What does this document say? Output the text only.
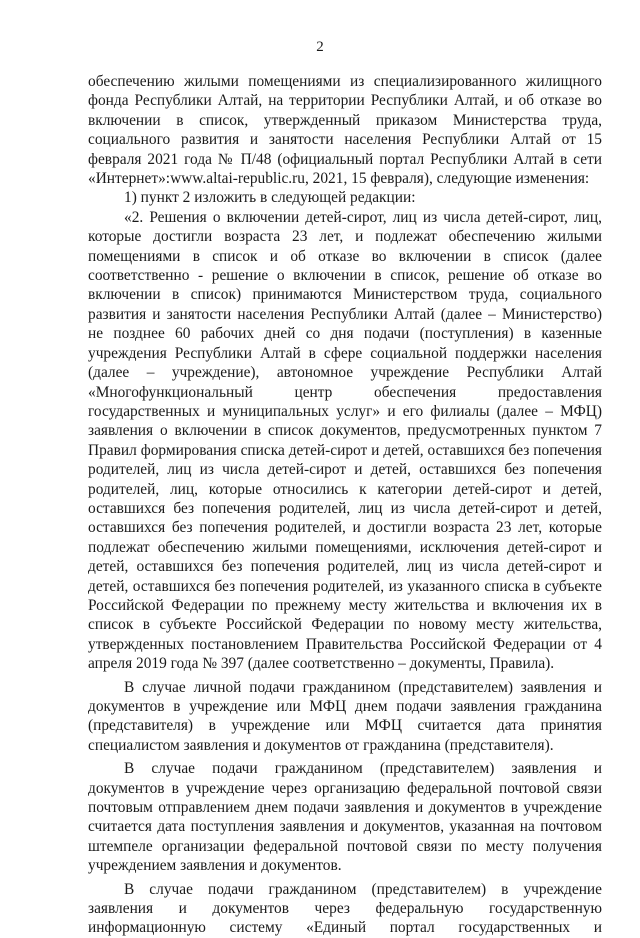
2

обеспечению жилыми помещениями из специализированного жилищного фонда Республики Алтай, на территории Республики Алтай, и об отказе во включении в список, утвержденный приказом Министерства труда, социального развития и занятости населения Республики Алтай от 15 февраля 2021 года № П/48 (официальный портал Республики Алтай в сети «Интернет»:www.altai-republic.ru, 2021, 15 февраля), следующие изменения:

1) пункт 2 изложить в следующей редакции:

«2. Решения о включении детей-сирот, лиц из числа детей-сирот, лиц, которые достигли возраста 23 лет, и подлежат обеспечению жилыми помещениями в список и об отказе во включении в список (далее соответственно - решение о включении в список, решение об отказе во включении в список) принимаются Министерством труда, социального развития и занятости населения Республики Алтай (далее – Министерство) не позднее 60 рабочих дней со дня подачи (поступления) в казенные учреждения Республики Алтай в сфере социальной поддержки населения (далее – учреждение), автономное учреждение Республики Алтай «Многофункциональный центр обеспечения предоставления государственных и муниципальных услуг» и его филиалы (далее – МФЦ) заявления о включении в список документов, предусмотренных пунктом 7 Правил формирования списка детей-сирот и детей, оставшихся без попечения родителей, лиц из числа детей-сирот и детей, оставшихся без попечения родителей, лиц, которые относились к категории детей-сирот и детей, оставшихся без попечения родителей, лиц из числа детей-сирот и детей, оставшихся без попечения родителей, и достигли возраста 23 лет, которые подлежат обеспечению жилыми помещениями, исключения детей-сирот и детей, оставшихся без попечения родителей, лиц из числа детей-сирот и детей, оставшихся без попечения родителей, из указанного списка в субъекте Российской Федерации по прежнему месту жительства и включения их в список в субъекте Российской Федерации по новому месту жительства, утвержденных постановлением Правительства Российской Федерации от 4 апреля 2019 года № 397 (далее соответственно – документы, Правила).

В случае личной подачи гражданином (представителем) заявления и документов в учреждение или МФЦ днем подачи заявления гражданина (представителя) в учреждение или МФЦ считается дата принятия специалистом заявления и документов от гражданина (представителя).

В случае подачи гражданином (представителем) заявления и документов в учреждение через организацию федеральной почтовой связи почтовым отправлением днем подачи заявления и документов в учреждение считается дата поступления заявления и документов, указанная на почтовом штемпеле организации федеральной почтовой связи по месту получения учреждением заявления и документов.

В случае подачи гражданином (представителем) в учреждение заявления и документов через федеральную государственную информационную систему «Единый портал государственных и
